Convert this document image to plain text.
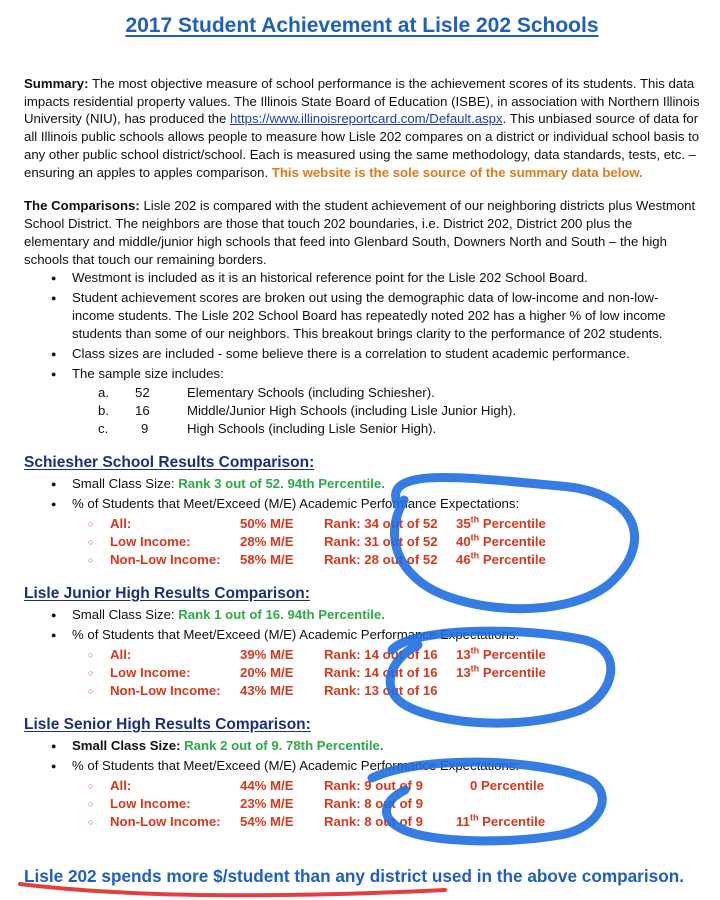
2017 Student Achievement at Lisle 202 Schools

Summary: The most objective measure of school performance is the achievement scores of its students. This data impacts residential property values. The Illinois State Board of Education (ISBE), in association with Northern Illinois University (NIU), has produced the https://www.illinoisreportcard.com/Default.aspx. This unbiased source of data for all Illinois public schools allows people to measure how Lisle 202 compares on a district or individual school basis to any other public school district/school. Each is measured using the same methodology, data standards, tests, etc. – ensuring an apples to apples comparison. This website is the sole source of the summary data below.

The Comparisons: Lisle 202 is compared with the student achievement of our neighboring districts plus Westmont School District. The neighbors are those that touch 202 boundaries, i.e. District 202, District 200 plus the elementary and middle/junior high schools that feed into Glenbard South, Downers North and South – the high schools that touch our remaining borders.

● Westmont is included as it is an historical reference point for the Lisle 202 School Board.
● Student achievement scores are broken out using the demographic data of low-income and non-low-income students. The Lisle 202 School Board has repeatedly noted 202 has a higher % of low income students than some of our neighbors. This breakout brings clarity to the performance of 202 students.
● Class sizes are included - some believe there is a correlation to student academic performance.
● The sample size includes:
a.	52	Elementary Schools (including Schiesher).
b.	16	Middle/Junior High Schools (including Lisle Junior High).
c.	9	High Schools (including Lisle Senior High).
Schiesher School Results Comparison:
● Small Class Size: Rank 3 out of 52. 94th Percentile.
● % of Students that Meet/Exceed (M/E) Academic Performance Expectations:
○	All:	50% M/E	Rank: 34 out of 52	35th Percentile
○	Low Income:	28% M/E	Rank: 31 out of 52	40th Percentile
○	Non-Low Income:	58% M/E	Rank: 28 out of 52	46th Percentile
Lisle Junior High Results Comparison:
● Small Class Size: Rank 1 out of 16. 94th Percentile.
● % of Students that Meet/Exceed (M/E) Academic Performance Expectations:
○	All:	39% M/E	Rank: 14 out of 16	13th Percentile
○	Low Income:	20% M/E	Rank: 14 out of 16	13th Percentile
○	Non-Low Income:	43% M/E	Rank: 13 out of 16
Lisle Senior High Results Comparison:
● Small Class Size: Rank 2 out of 9. 78th Percentile.
● % of Students that Meet/Exceed (M/E) Academic Performance Expectations:
○	All:	44% M/E	Rank: 9 out of 9	0 Percentile
○	Low Income:	23% M/E	Rank: 8 out of 9
○	Non-Low Income:	54% M/E	Rank: 8 out of 9	11th Percentile
Lisle 202 spends more $/student than any district used in the above comparison.
